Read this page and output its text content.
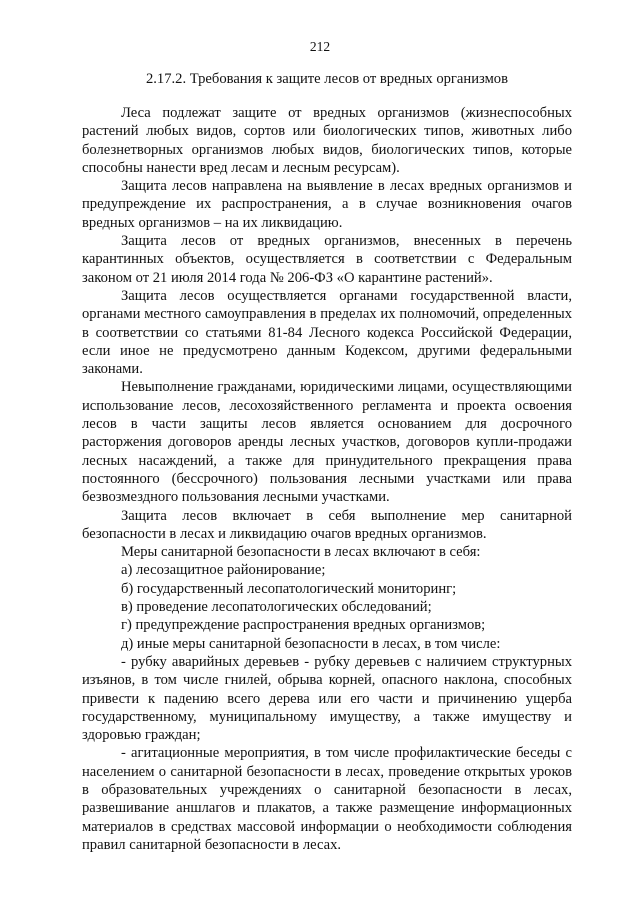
212
2.17.2. Требования к защите лесов от вредных организмов

Леса подлежат защите от вредных организмов (жизнеспособных растений любых видов, сортов или биологических типов, животных либо болезнетворных организмов любых видов, биологических типов, которые способны нанести вред лесам и лесным ресурсам).

Защита лесов направлена на выявление в лесах вредных организмов и предупреждение их распространения, а в случае возникновения очагов вредных организмов – на их ликвидацию.

Защита лесов от вредных организмов, внесенных в перечень карантинных объектов, осуществляется в соответствии с Федеральным законом от 21 июля 2014 года № 206-ФЗ «О карантине растений».

Защита лесов осуществляется органами государственной власти, органами местного самоуправления в пределах их полномочий, определенных в соответствии со статьями 81-84 Лесного кодекса Российской Федерации, если иное не предусмотрено данным Кодексом, другими федеральными законами.

Невыполнение гражданами, юридическими лицами, осуществляющими использование лесов, лесохозяйственного регламента и проекта освоения лесов в части защиты лесов является основанием для досрочного расторжения договоров аренды лесных участков, договоров купли-продажи лесных насаждений, а также для принудительного прекращения права постоянного (бессрочного) пользования лесными участками или права безвозмездного пользования лесными участками.

Защита лесов включает в себя выполнение мер санитарной безопасности в лесах и ликвидацию очагов вредных организмов.

Меры санитарной безопасности в лесах включают в себя:

а) лесозащитное районирование;

б) государственный лесопатологический мониторинг;

в) проведение лесопатологических обследований;

г) предупреждение распространения вредных организмов;

д) иные меры санитарной безопасности в лесах, в том числе:

- рубку аварийных деревьев - рубку деревьев с наличием структурных изъянов, в том числе гнилей, обрыва корней, опасного наклона, способных привести к падению всего дерева или его части и причинению ущерба государственному, муниципальному имуществу, а также имуществу и здоровью граждан;

- агитационные мероприятия, в том числе профилактические беседы с населением о санитарной безопасности в лесах, проведение открытых уроков в образовательных учреждениях о санитарной безопасности в лесах, развешивание аншлагов и плакатов, а также размещение информационных материалов в средствах массовой информации о необходимости соблюдения правил санитарной безопасности в лесах.
